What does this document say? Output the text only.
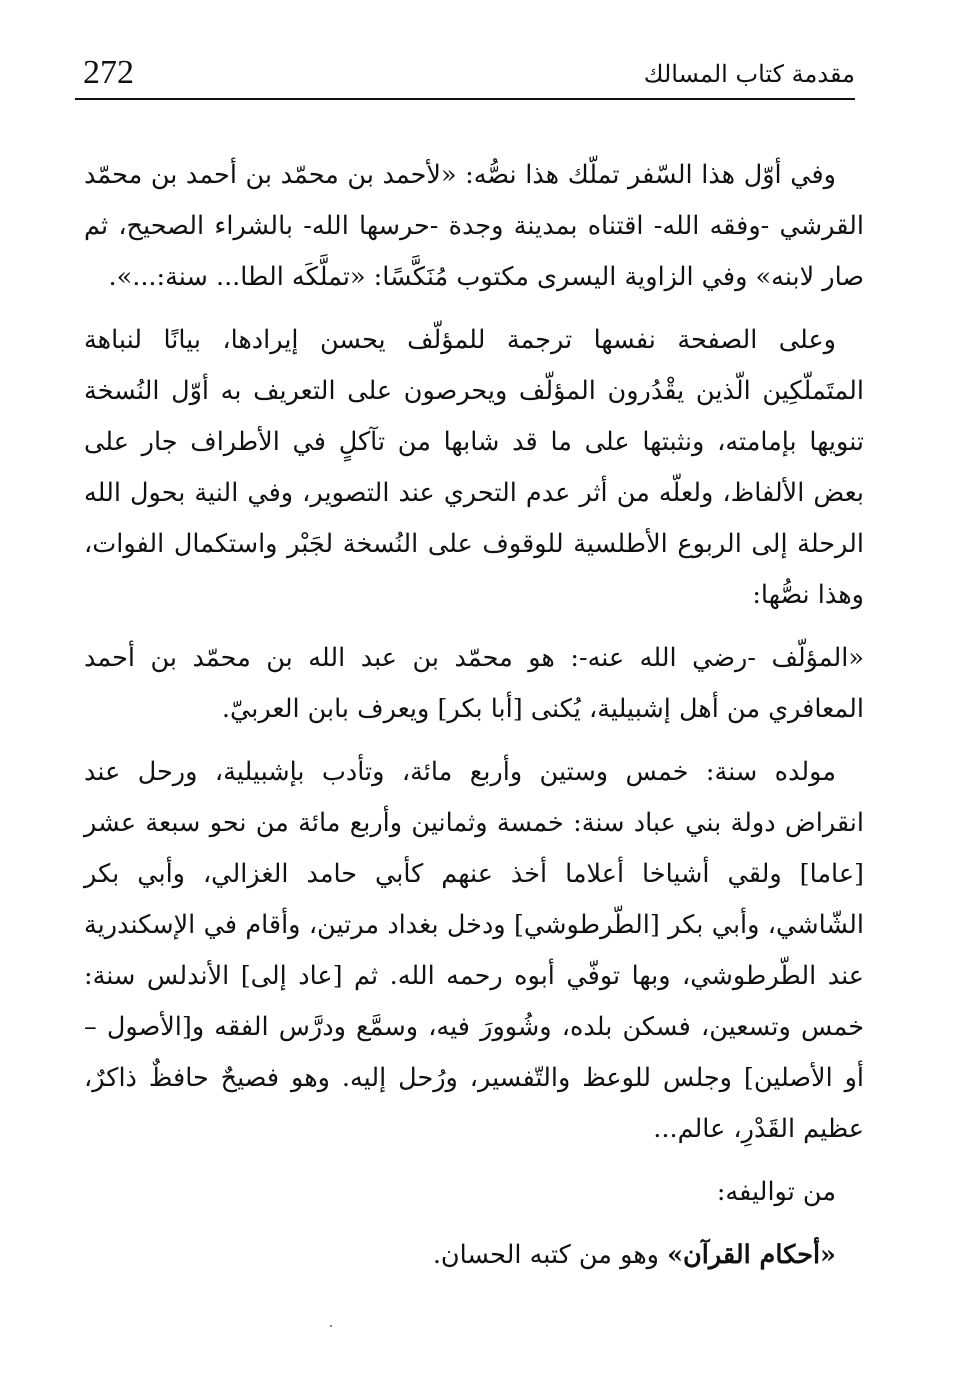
272	مقدمة كتاب المسالك

وفي أوّل هذا السّفر تملّك هذا نصُّه: «لأحمد بن محمّد بن أحمد بن محمّد القرشي -وفقه الله- اقتناه بمدينة وجدة -حرسها الله- بالشراء الصحيح، ثم صار لابنه» وفي الزاوية اليسرى مكتوب مُنَكَّسًا: «تملَّكَه الطا... سنة:...».

وعلى الصفحة نفسها ترجمة للمؤلّف يحسن إيرادها، بيانًا لنباهة المتَملّكِين الّذين يقْدُرون المؤلّف ويحرصون على التعريف به أوّل النُسخة تنويها بإمامته، ونثبتها على ما قد شابها من تآكلٍ في الأطراف جار على بعض الألفاظ، ولعلّه من أثر عدم التحري عند التصوير، وفي النية بحول الله الرحلة إلى الربوع الأطلسية للوقوف على النُسخة لجَبْر واستكمال الفوات، وهذا نصُّها:

«المؤلّف -رضي الله عنه-: هو محمّد بن عبد الله بن محمّد بن أحمد المعافري من أهل إشبيلية، يُكنى [أبا بكر] ويعرف بابن العربيّ.

مولده سنة: خمس وستين وأربع مائة، وتأدب بإشبيلية، ورحل عند انقراض دولة بني عباد سنة: خمسة وثمانين وأربع مائة من نحو سبعة عشر [عاما] ولقي أشياخا أعلاما أخذ عنهم كأبي حامد الغزالي، وأبي بكر الشّاشي، وأبي بكر [الطّرطوشي] ودخل بغداد مرتين، وأقام في الإسكندرية عند الطّرطوشي، وبها توفّي أبوه رحمه الله. ثم [عاد إلى] الأندلس سنة: خمس وتسعين، فسكن بلده، وشُوورَ فيه، وسمَّع ودرَّس الفقه و[الأصول – أو الأصلين] وجلس للوعظ والتّفسير، ورُحل إليه. وهو فصيحٌ حافظٌ ذاكرٌ، عظيم القَدْرِ، عالم...

من تواليفه:

«أحكام القرآن» وهو من كتبه الحسان.
